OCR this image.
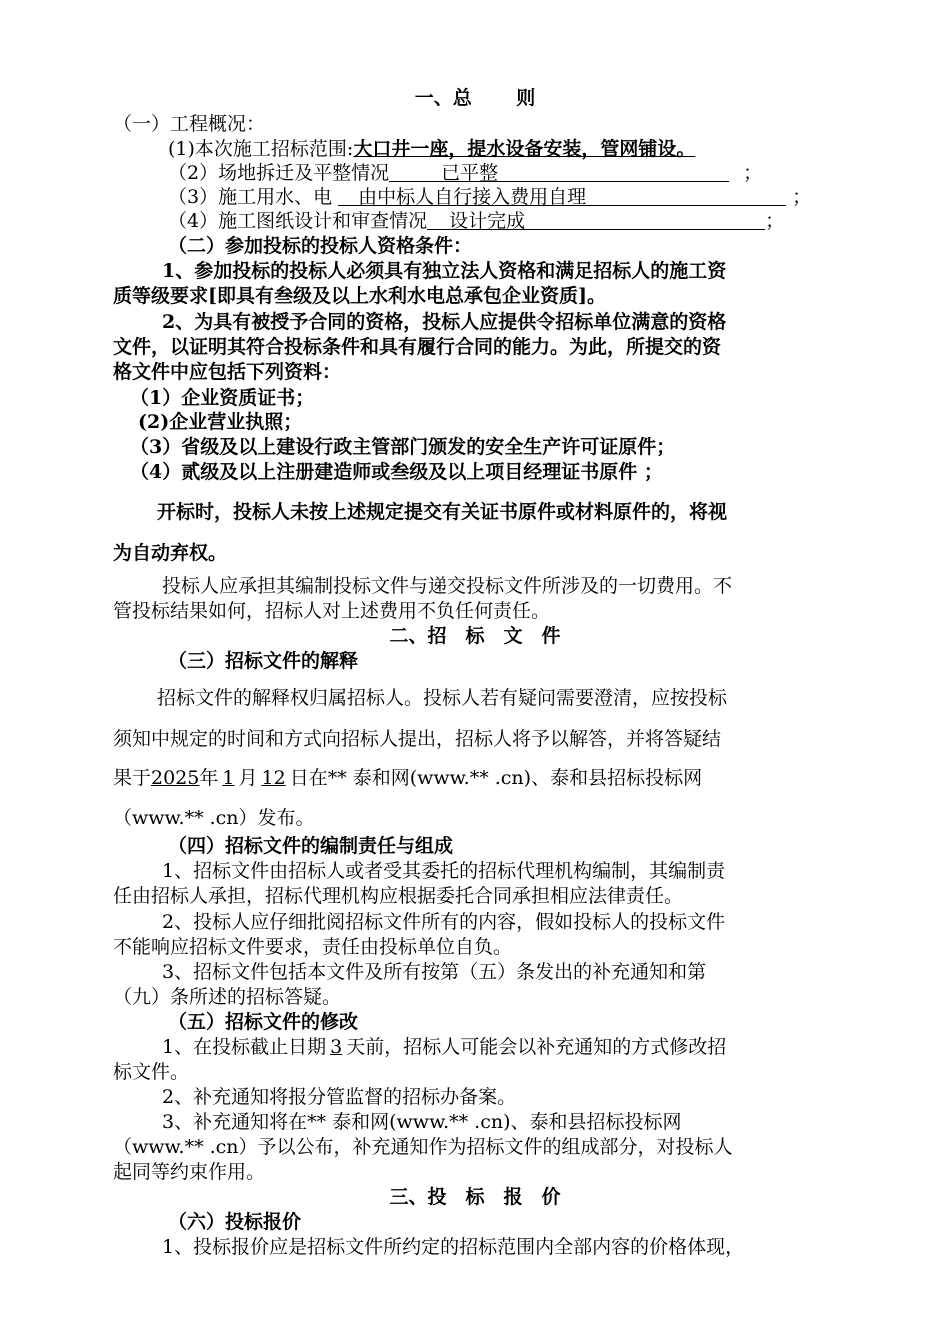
一、总　　 则
（一）工程概况：
(1)本次施工招标范围:大口井一座，提水设备安装，管网铺设。
（2）场地拆迁及平整情况	已平整	；
（3）施工用水、电 由中标人自行接入费用自理	；
（4）施工图纸设计和审查情况 设计完成	；
（二）参加投标的投标人资格条件：
1、参加投标的投标人必须具有独立法人资格和满足招标人的施工资
质等级要求[即具有叁级及以上水利水电总承包企业资质]。
2、为具有被授予合同的资格，投标人应提供令招标单位满意的资格
文件，以证明其符合投标条件和具有履行合同的能力。为此，所提交的资
格文件中应包括下列资料：
（1）企业资质证书；
(2)企业营业执照；
（3）省级及以上建设行政主管部门颁发的安全生产许可证原件；
（4）贰级及以上注册建造师或叁级及以上项目经理证书原件 ；
开标时，投标人未按上述规定提交有关证书原件或材料原件的，将视
为自动弃权。
投标人应承担其编制投标文件与递交投标文件所涉及的一切费用。不
管投标结果如何，招标人对上述费用不负任何责任。
二、招　标　文　件
（三）招标文件的解释
招标文件的解释权归属招标人。投标人若有疑问需要澄清，应按投标
须知中规定的时间和方式向招标人提出，招标人将予以解答，并将答疑结
果于2025年 1 月 12 日在** 泰和网(www.** .cn)、泰和县招标投标网
（www.** .cn）发布。
（四）招标文件的编制责任与组成
1、招标文件由招标人或者受其委托的招标代理机构编制，其编制责
任由招标人承担，招标代理机构应根据委托合同承担相应法律责任。
2、投标人应仔细批阅招标文件所有的内容，假如投标人的投标文件
不能响应招标文件要求，责任由投标单位自负。
3、招标文件包括本文件及所有按第（五）条发出的补充通知和第
（九）条所述的招标答疑。
（五）招标文件的修改
1、在投标截止日期 3 天前，招标人可能会以补充通知的方式修改招
标文件。
2、补充通知将报分管监督的招标办备案。
3、补充通知将在** 泰和网(www.** .cn)、泰和县招标投标网
（www.** .cn）予以公布，补充通知作为招标文件的组成部分，对投标人
起同等约束作用。
三、投　标　报　价
（六）投标报价
1、投标报价应是招标文件所约定的招标范围内全部内容的价格体现，
